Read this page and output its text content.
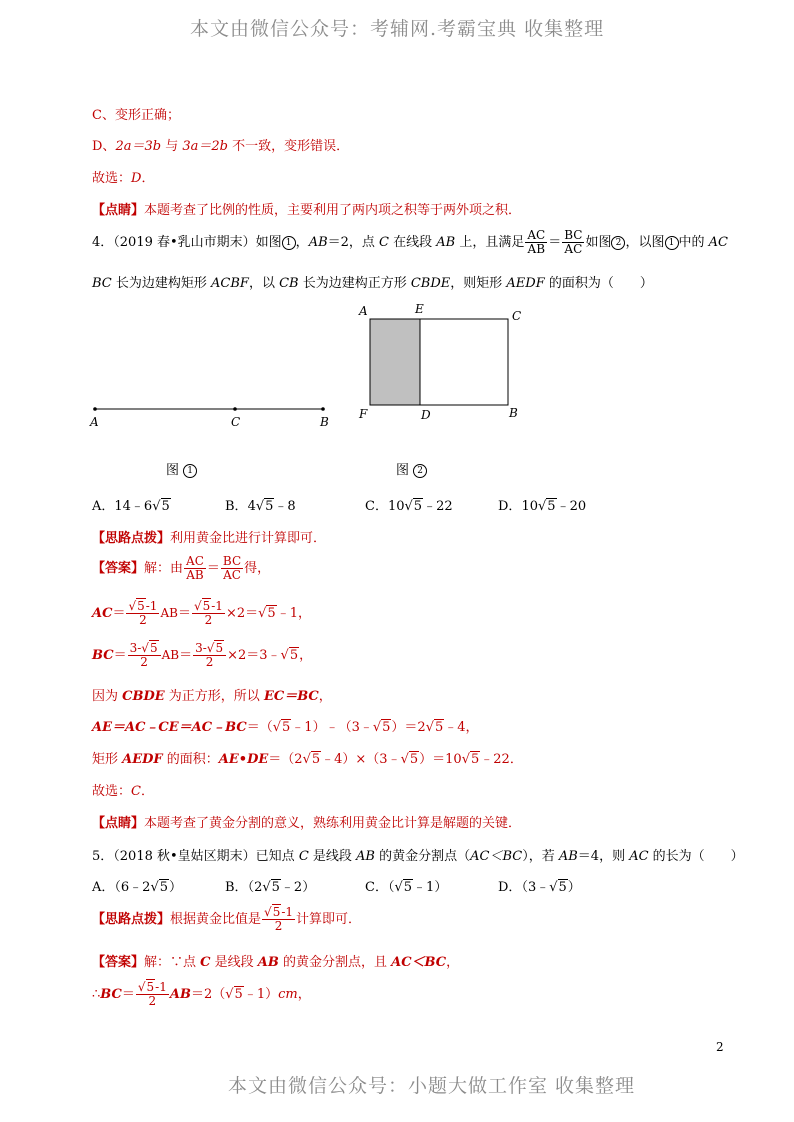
本文由微信公众号：考辅网.考霸宝典 收集整理
C、变形正确；
D、2a＝3b 与 3a＝2b 不一致，变形错误．
故选：D．
【点睛】本题考查了比例的性质，主要利用了两内项之积等于两外项之积．
4．（2019 春•乳山市期末）如图 1 ，AB＝2，点 C 在线段 AB 上，且满足 $\frac{AC}{AB} = \frac{BC}{AC}$ 如图 2 ，以图 1 中的 AC
BC 长为边建构矩形 ACBF，以 CB 长为边建构正方形 CBDE，则矩形 AEDF 的面积为（　　）
A	C	B
A	E	C
F	D	B
图 1	图 2
A．14﹣6√5	B．4√5﹣8	C．10√5﹣22	D．10√5﹣20
【思路点拨】利用黄金比进行计算即可．
【答案】解：由 $\frac{AC}{AB} = \frac{BC}{AC}$ 得，
$AC= \frac{√5-1}{2} AB= \frac{√5-1}{2}$ ×2＝√5﹣1，
$BC= \frac{3-√5}{2} AB= \frac{3-√5}{2}$ ×2＝3﹣√5，
因为 CBDE 为正方形，所以 EC＝BC，
AE＝AC﹣CE＝AC﹣BC＝（√5﹣1）﹣（3﹣√5）＝2√5﹣4，
矩形 AEDF 的面积：AE•DE＝（2√5﹣4）×（3﹣√5）＝10√5﹣22．
故选：C．
【点睛】本题考查了黄金分割的意义，熟练利用黄金比计算是解题的关键．
5．（2018 秋•皇姑区期末）已知点 C 是线段 AB 的黄金分割点（AC＜BC），若 AB＝4，则 AC 的长为（　　）
A．（6﹣2√5）	B．（2√5﹣2）	C．（√5﹣1）	D．（3﹣√5）
【思路点拨】根据黄金比值是 $\frac{√5-1}{2}$ 计算即可．
【答案】解：∵点 C 是线段 AB 的黄金分割点，且 AC＜BC，
∴BC＝ $\frac{√5-1}{2}$ AB＝2（√5﹣1）cm，
2
本文由微信公众号：小题大做工作室 收集整理
